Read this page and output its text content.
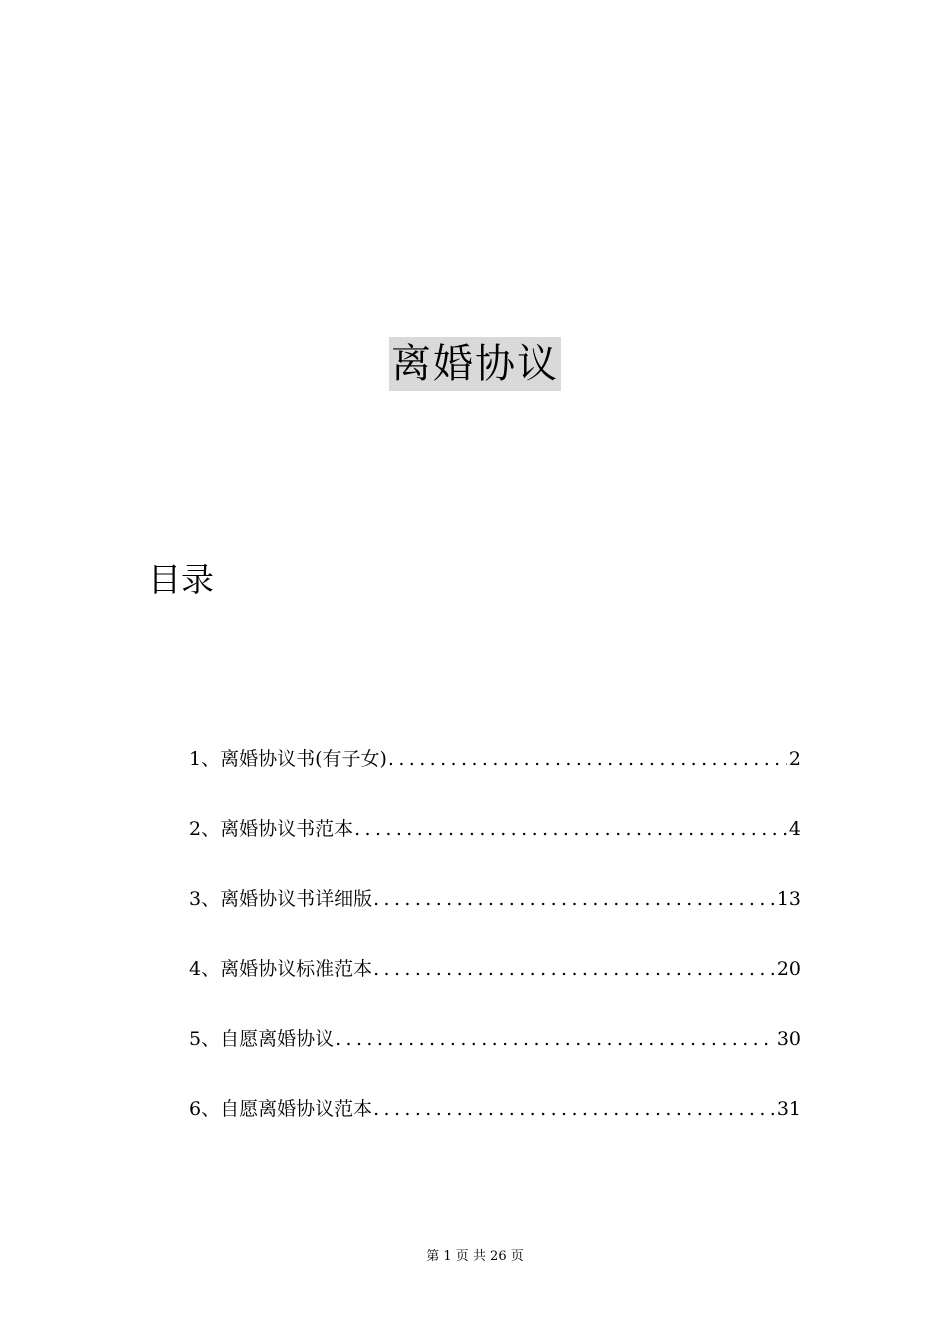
离婚协议
目录
1、离婚协议书(有子女) .....	2
2、离婚协议书范本 .....	4
3、离婚协议书详细版 .....	13
4、离婚协议标准范本 .....	20
5、自愿离婚协议 .....	30
6、自愿离婚协议范本 .....	31
第 1 页 共 26 页
